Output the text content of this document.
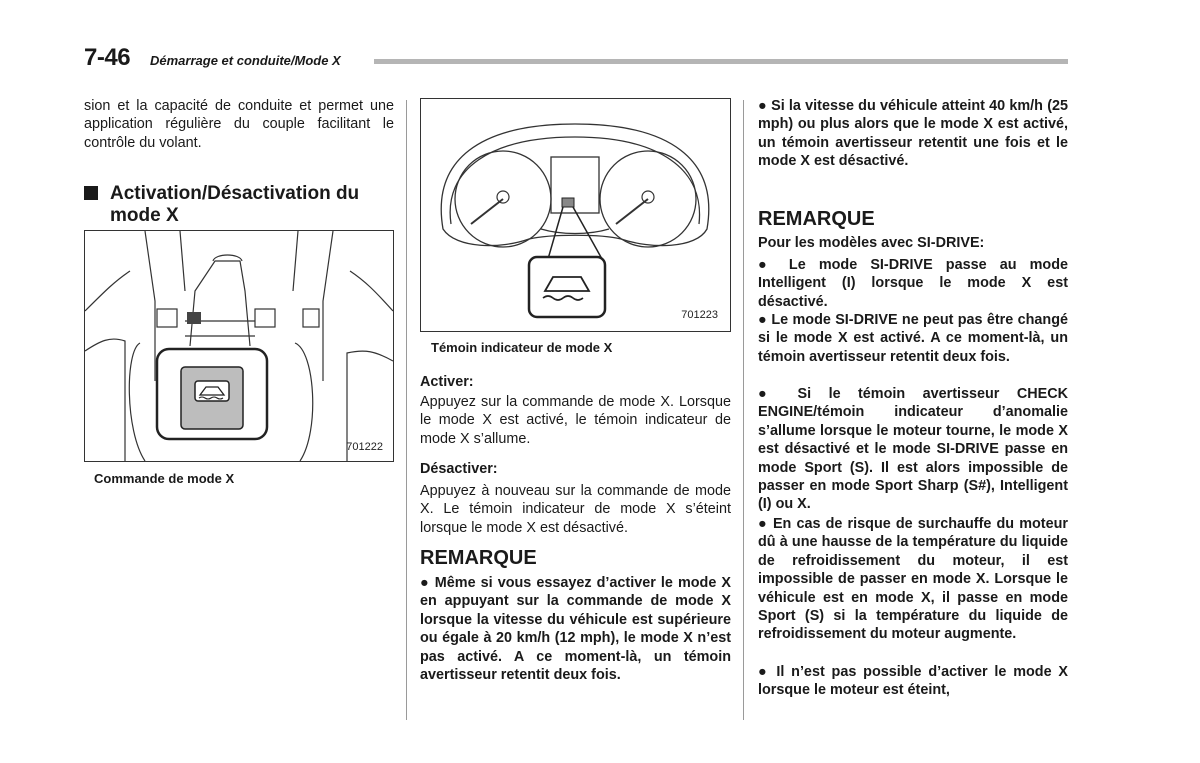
7-46 Démarrage et conduite/Mode X
sion et la capacité de conduite et permet une application régulière du couple facilitant le contrôle du volant.
Activation/Désactivation du mode X
701222
Commande de mode X
701223
Témoin indicateur de mode X
Activer:
Appuyez sur la commande de mode X. Lorsque le mode X est activé, le témoin indicateur de mode X s’allume.
Désactiver:
Appuyez à nouveau sur la commande de mode X. Le témoin indicateur de mode X s’éteint lorsque le mode X est désactivé.
REMARQUE
● Même si vous essayez d’activer le mode X en appuyant sur la commande de mode X lorsque la vitesse du véhicule est supérieure ou égale à 20 km/h (12 mph), le mode X n’est pas activé. A ce moment-là, un témoin avertisseur retentit deux fois.
● Si la vitesse du véhicule atteint 40 km/h (25 mph) ou plus alors que le mode X est activé, un témoin avertisseur retentit une fois et le mode X est désactivé.
REMARQUE
Pour les modèles avec SI-DRIVE:
● Le mode SI-DRIVE passe au mode Intelligent (I) lorsque le mode X est désactivé.
● Le mode SI-DRIVE ne peut pas être changé si le mode X est activé. A ce moment-là, un témoin avertisseur retentit deux fois.
● Si le témoin avertisseur CHECK ENGINE/témoin indicateur d’anomalie s’allume lorsque le moteur tourne, le mode X est désactivé et le mode SI-DRIVE passe en mode Sport (S). Il est alors impossible de passer en mode Sport Sharp (S#), Intelligent (I) ou X.
● En cas de risque de surchauffe du moteur dû à une hausse de la température du liquide de refroidissement du moteur, il est impossible de passer en mode X. Lorsque le véhicule est en mode X, il passe en mode Sport (S) si la température du liquide de refroidissement du moteur augmente.
● Il n’est pas possible d’activer le mode X lorsque le moteur est éteint,
